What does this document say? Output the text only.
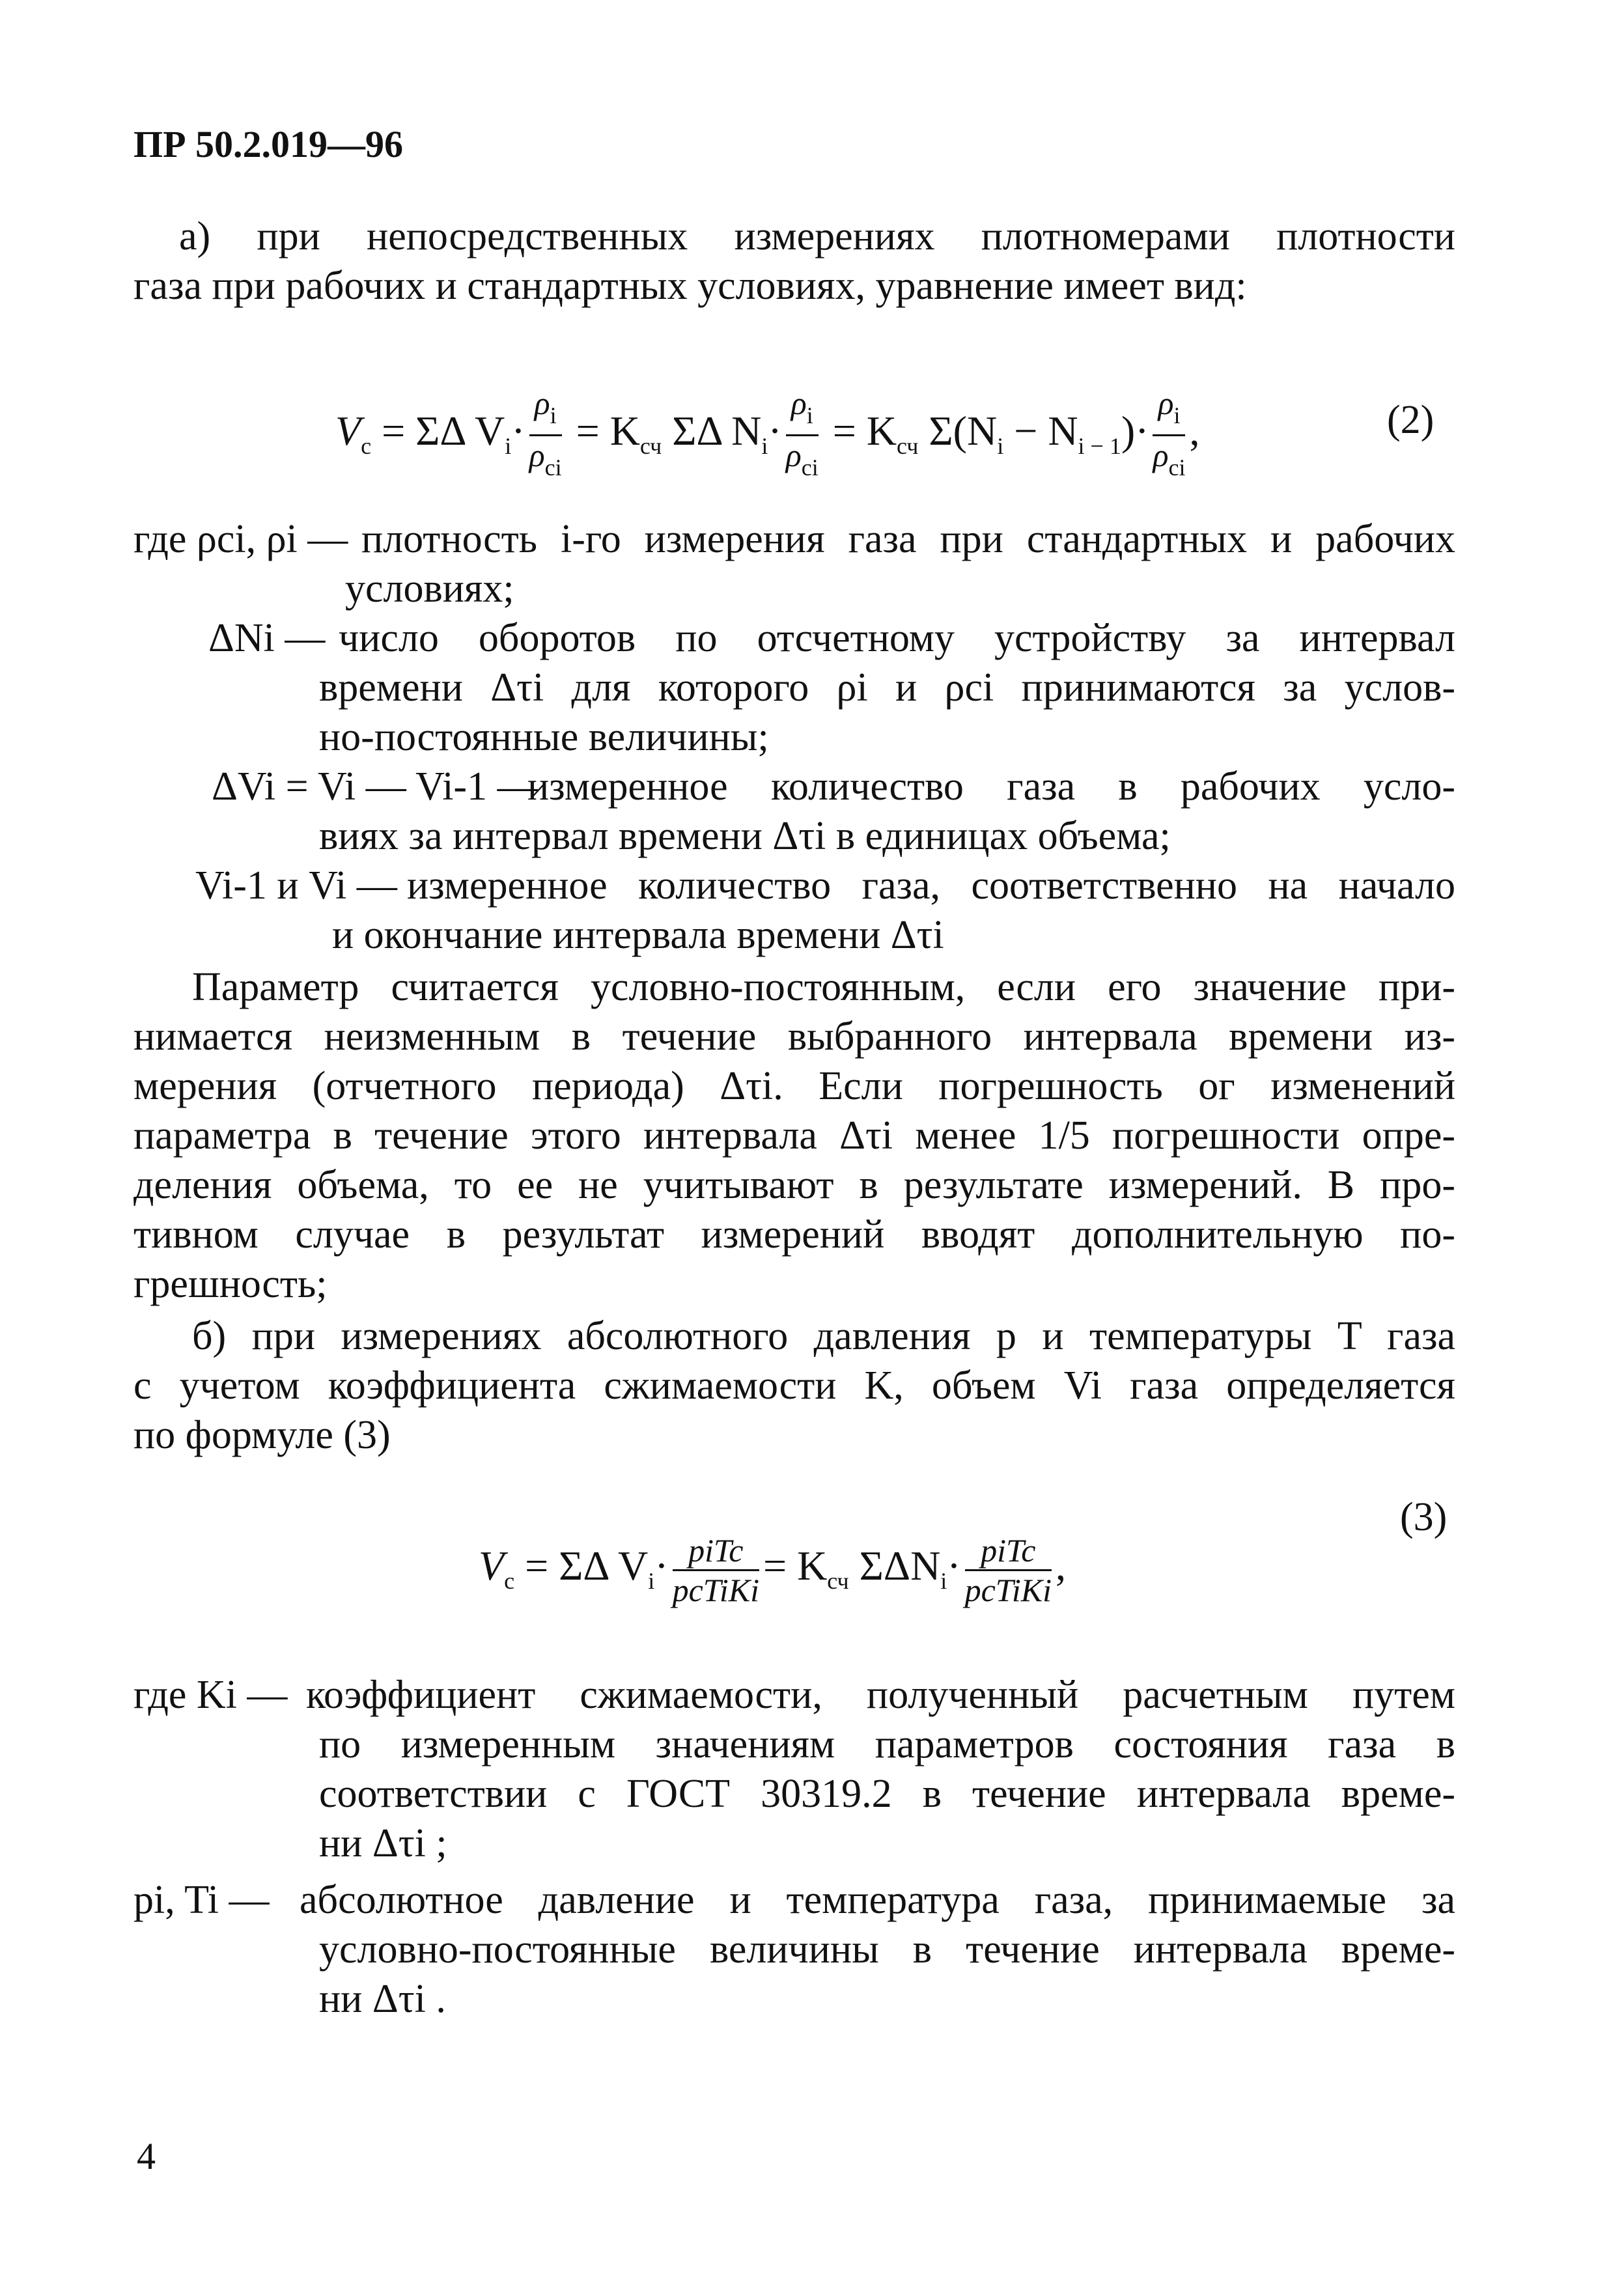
ПР 50.2.019—96
а) при непосредственных измерениях плотномерами плотности
газа при рабочих и стандартных условиях, уравнение имеет вид:
$V_с = \Sigma\Delta$ $V_i\cdot \frac{\rho_i}{\rho_{ci}} = K_{сч}$ ΣΔ $N_i\cdot \frac{\rho_i}{\rho_{ci}} = K_{сч}$ $\Sigma(N_i - N_{i - 1})\cdot \frac{\rho_i}{\rho_{ci}}$ ,	(2)
где ρci, ρi — плотность i-го измерения газа при стандартных и рабочих
условиях;
ΔNi — число оборотов по отсчетному устройству за интервал
времени Δτi для которого ρi и ρci принимаются за услов-
но-постоянные величины;
ΔVi = Vi — Vi-1 —
измеренное количество газа в рабочих усло-
виях за интервал времени Δτi в единицах объема;
Vi-1 и Vi — измеренное количество газа, соответственно на начало
и окончание интервала времени Δτi
Параметр считается условно-постоянным, если его значение при-
нимается неизменным в течение выбранного интервала времени из-
мерения (отчетного периода) Δτi. Если погрешность ог изменений
параметра в течение этого интервала Δτi менее 1/5 погрешности опре-
деления объема, то ее не учитывают в результате измерений. В про-
тивном случае в результат измерений вводят дополнительную по-
грешность;
б) при измерениях абсолютного давления p и температуры T газа
с учетом коэффициента сжимаемости K, объем Vi газа определяется
по формуле (3)
$V_с = \Sigma\Delta$ $V_i\cdot \frac{\text{piTc}}{\text{pcTiKi}} = K_{сч}$ $\Sigma\Delta N_i\cdot \frac{\text{piTc}}{\text{pcTiKi}}$ ,
(3)
где Ki — коэффициент сжимаемости, полученный расчетным путем
по измеренным значениям параметров состояния газа в
соответствии с ГОСТ 30319.2 в течение интервала време-
ни Δτi ;
pi, Ti — абсолютное давление и температура газа, принимаемые за
условно-постоянные величины в течение интервала време-
ни Δτi .
4
